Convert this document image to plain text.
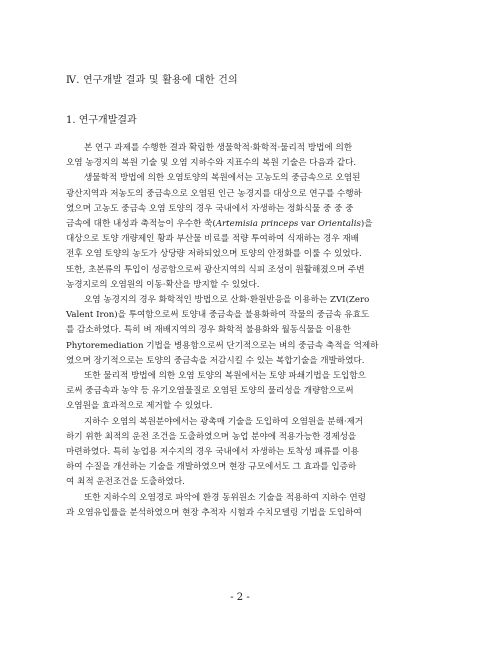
Ⅳ. 연구개발 결과 및 활용에 대한 건의
1. 연구개발결과
본 연구 과제를 수행한 결과 확립한 생물학적·화학적·물리적 방법에 의한
오염 농경지의 복원 기술 및 오염 지하수와 지표수의 복원 기술은 다음과 같다.
생물학적 방법에 의한 오염토양의 복원에서는 고농도의 중금속으로 오염된
광산지역과 저농도의 중금속으로 오염된 인근 농경지를 대상으로 연구를 수행하
였으며 고농도 중금속 오염 토양의 경우 국내에서 자생하는 정화식물 중 중 중
금속에 대한 내성과 축적능이 우수한 쑥(Artemisia princeps var Orientalis)을
대상으로 토양 개량제인 황과 부산물 비료를 적량 투여하여 식재하는 경우 재배
전후 오염 토양의 농도가 상당량 저하되었으며 토양의 안정화를 이룰 수 있었다.
또한, 초본류의 투입이 성공함으로써 광산지역의 식피 조성이 원활해졌으며 주변
농경지로의 오염원의 이동·확산을 방지할 수 있었다.
오염 농경지의 경우 화학적인 방법으로 산화·환원반응을 이용하는 ZVI(Zero
Valent Iron)을 투여함으로써 토양내 중금속을 불용화하여 작물의 중금속 유효도
를 감소하였다. 특히 벼 재배지역의 경우 화학적 불용화와 월동식물을 이용한
Phytoremediation 기법을 병용함으로써 단기적으로는 벼의 중금속 축적을 억제하
였으며 장기적으로는 토양의 중금속을 저감시킬 수 있는 복합기술을 개발하였다.
또한 물리적 방법에 의한 오염 토양의 복원에서는 토양 파쇄기법을 도입함으
로써 중금속과 농약 등 유기오염물질로 오염된 토양의 물리성을 개량함으로써
오염원을 효과적으로 제거할 수 있었다.
지하수 오염의 복원분야에서는 광촉매 기술을 도입하여 오염원을 분해·제거
하기 위한 최적의 운전 조건을 도출하였으며 농업 분야에 적용가능한 경제성을
마련하였다. 특히 농업용 저수지의 경우 국내에서 자생하는 토착성 패류를 이용
하여 수질을 개선하는 기술을 개발하였으며 현장 규모에서도 그 효과를 입증하
여 최적 운전조건을 도출하였다.
또한 지하수의 오염경로 파악에 환경 동위원소 기술을 적용하여 지하수 연령
과 오염유입률을 분석하였으며 현장 추적자 시험과 수치모델링 기법을 도입하여
- 2 -
